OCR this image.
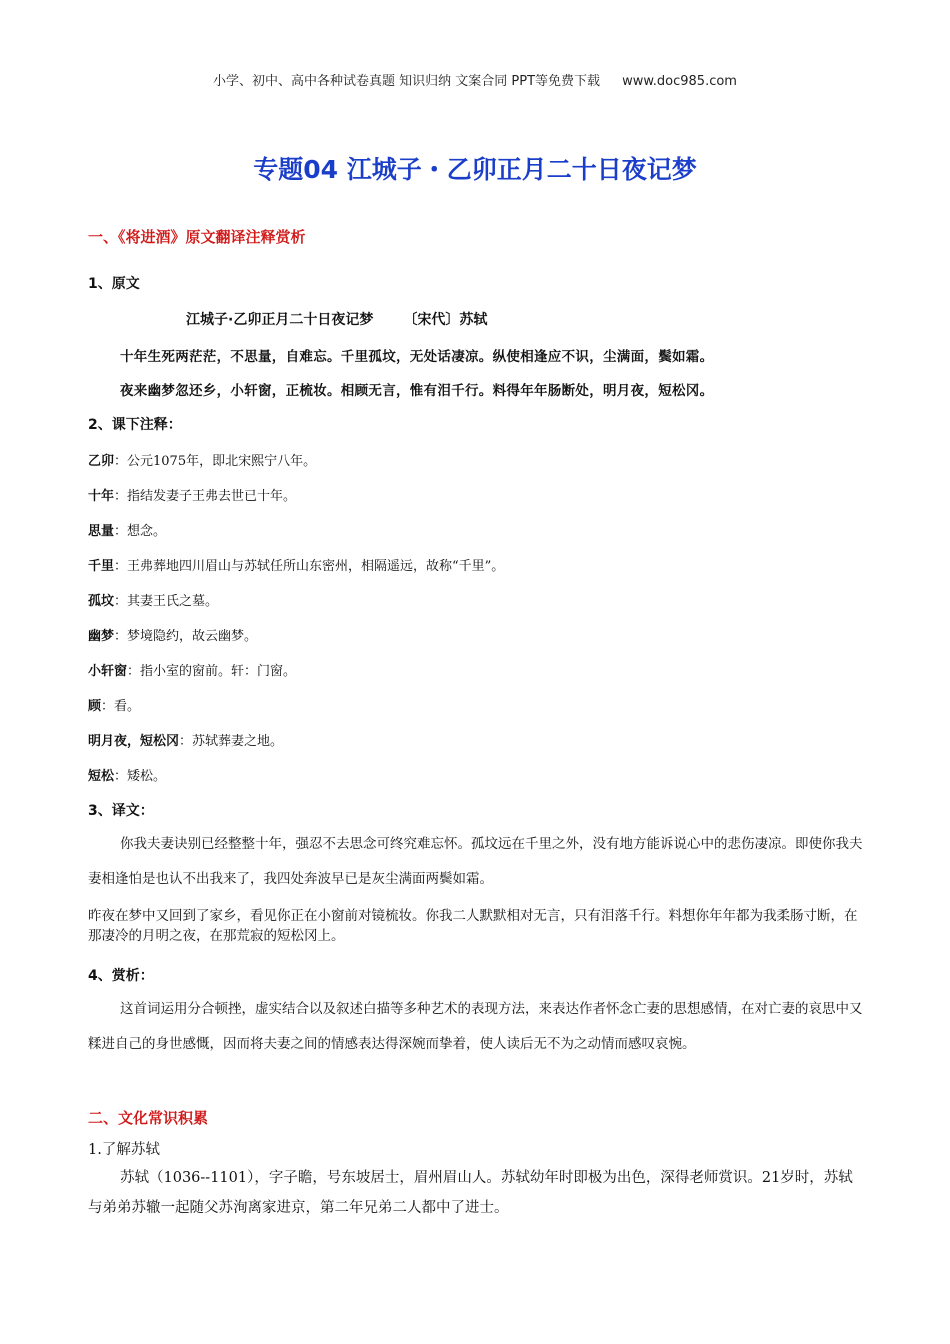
小学、初中、高中各种试卷真题 知识归纳 文案合同 PPT等免费下载 www.doc985.com
专题04 江城子・乙卯正月二十日夜记梦
一、《将进酒》原文翻译注释赏析
1、原文
江城子·乙卯正月二十日夜记梦 〔宋代〕苏轼
十年生死两茫茫，不思量，自难忘。千里孤坟，无处话凄凉。纵使相逢应不识，尘满面，鬓如霜。
夜来幽梦忽还乡，小轩窗，正梳妆。相顾无言，惟有泪千行。料得年年肠断处，明月夜，短松冈。
2、课下注释：
乙卯：公元1075年，即北宋熙宁八年。
十年：指结发妻子王弗去世已十年。
思量：想念。
千里：王弗葬地四川眉山与苏轼任所山东密州，相隔遥远，故称“千里”。
孤坟：其妻王氏之墓。
幽梦：梦境隐约，故云幽梦。
小轩窗：指小室的窗前。轩：门窗。
顾：看。
明月夜，短松冈：苏轼葬妻之地。
短松：矮松。
3、译文：
你我夫妻诀别已经整整十年，强忍不去思念可终究难忘怀。孤坟远在千里之外，没有地方能诉说心中的悲伤凄凉。即使你我夫妻相逢怕是也认不出我来了，我四处奔波早已是灰尘满面两鬓如霜。
昨夜在梦中又回到了家乡，看见你正在小窗前对镜梳妆。你我二人默默相对无言，只有泪落千行。料想你年年都为我柔肠寸断，在那凄冷的月明之夜，在那荒寂的短松冈上。
4、赏析：
这首词运用分合顿挫，虚实结合以及叙述白描等多种艺术的表现方法，来表达作者怀念亡妻的思想感情，在对亡妻的哀思中又糅进自己的身世感慨，因而将夫妻之间的情感表达得深婉而挚着，使人读后无不为之动情而感叹哀惋。
二、文化常识积累
1.了解苏轼
苏轼（1036--1101），字子瞻，号东坡居士，眉州眉山人。苏轼幼年时即极为出色，深得老师赏识。21岁时，苏轼与弟弟苏辙一起随父苏洵离家进京，第二年兄弟二人都中了进士。
